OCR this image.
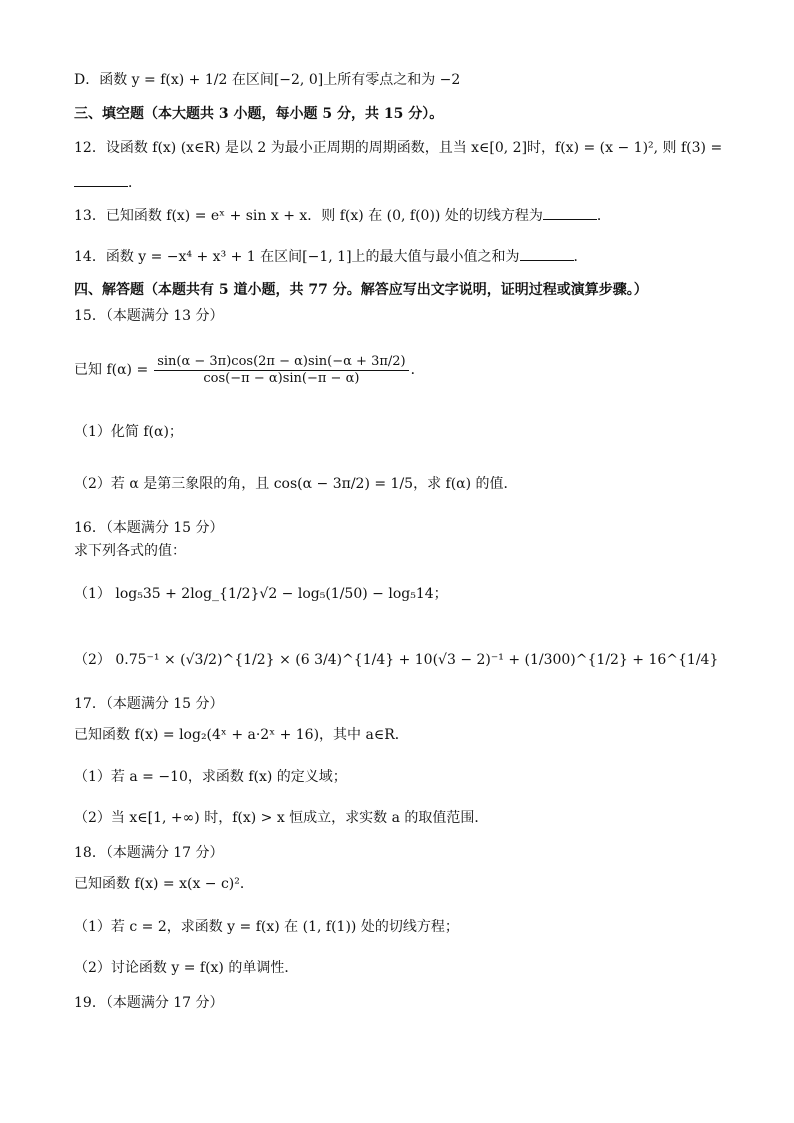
D．函数 y = f(x) + 1/2 在区间[−2, 0]上所有零点之和为 −2
三、填空题（本大题共 3 小题，每小题 5 分，共 15 分）。
12．设函数 f(x) (x∈R) 是以 2 为最小正周期的周期函数，且当 x∈[0, 2]时，f(x) = (x − 1)², 则 f(3) =
．
13．已知函数 f(x) = eˣ + sin x + x．则 f(x) 在 (0, f(0)) 处的切线方程为	．
14．函数 y = −x⁴ + x³ + 1 在区间[−1, 1]上的最大值与最小值之和为	．
四、解答题（本题共有 5 道小题，共 77 分。解答应写出文字说明，证明过程或演算步骤。）
15．（本题满分 13 分）
已知 $f(\alpha) = \frac{\sin(\alpha - 3\pi)\cos(2\pi - \alpha)\sin(-\alpha + 3\pi/2)}{\cos(-\pi - \alpha)\sin(-\pi - \alpha)}$ ．
（1）化简 f(α)；
（2）若 α 是第三象限的角，且 cos(α − 3π/2) = 1/5，求 f(α) 的值．
16．（本题满分 15 分）
求下列各式的值：
（1） log₅35 + 2log_{1/2}√2 − log₅(1/50) − log₅14；
（2） 0.75⁻¹ × (√3/2)^{1/2} × (6 3/4)^{1/4} + 10(√3 − 2)⁻¹ + (1/300)^{1/2} + 16^{1/4}
17．（本题满分 15 分）
已知函数 f(x) = log₂(4ˣ + a·2ˣ + 16)，其中 a∈R．
（1）若 a = −10，求函数 f(x) 的定义域；
（2）当 x∈[1, +∞) 时，f(x) > x 恒成立，求实数 a 的取值范围．
18．（本题满分 17 分）
已知函数 f(x) = x(x − c)²．
（1）若 c = 2，求函数 y = f(x) 在 (1, f(1)) 处的切线方程；
（2）讨论函数 y = f(x) 的单调性．
19．（本题满分 17 分）
